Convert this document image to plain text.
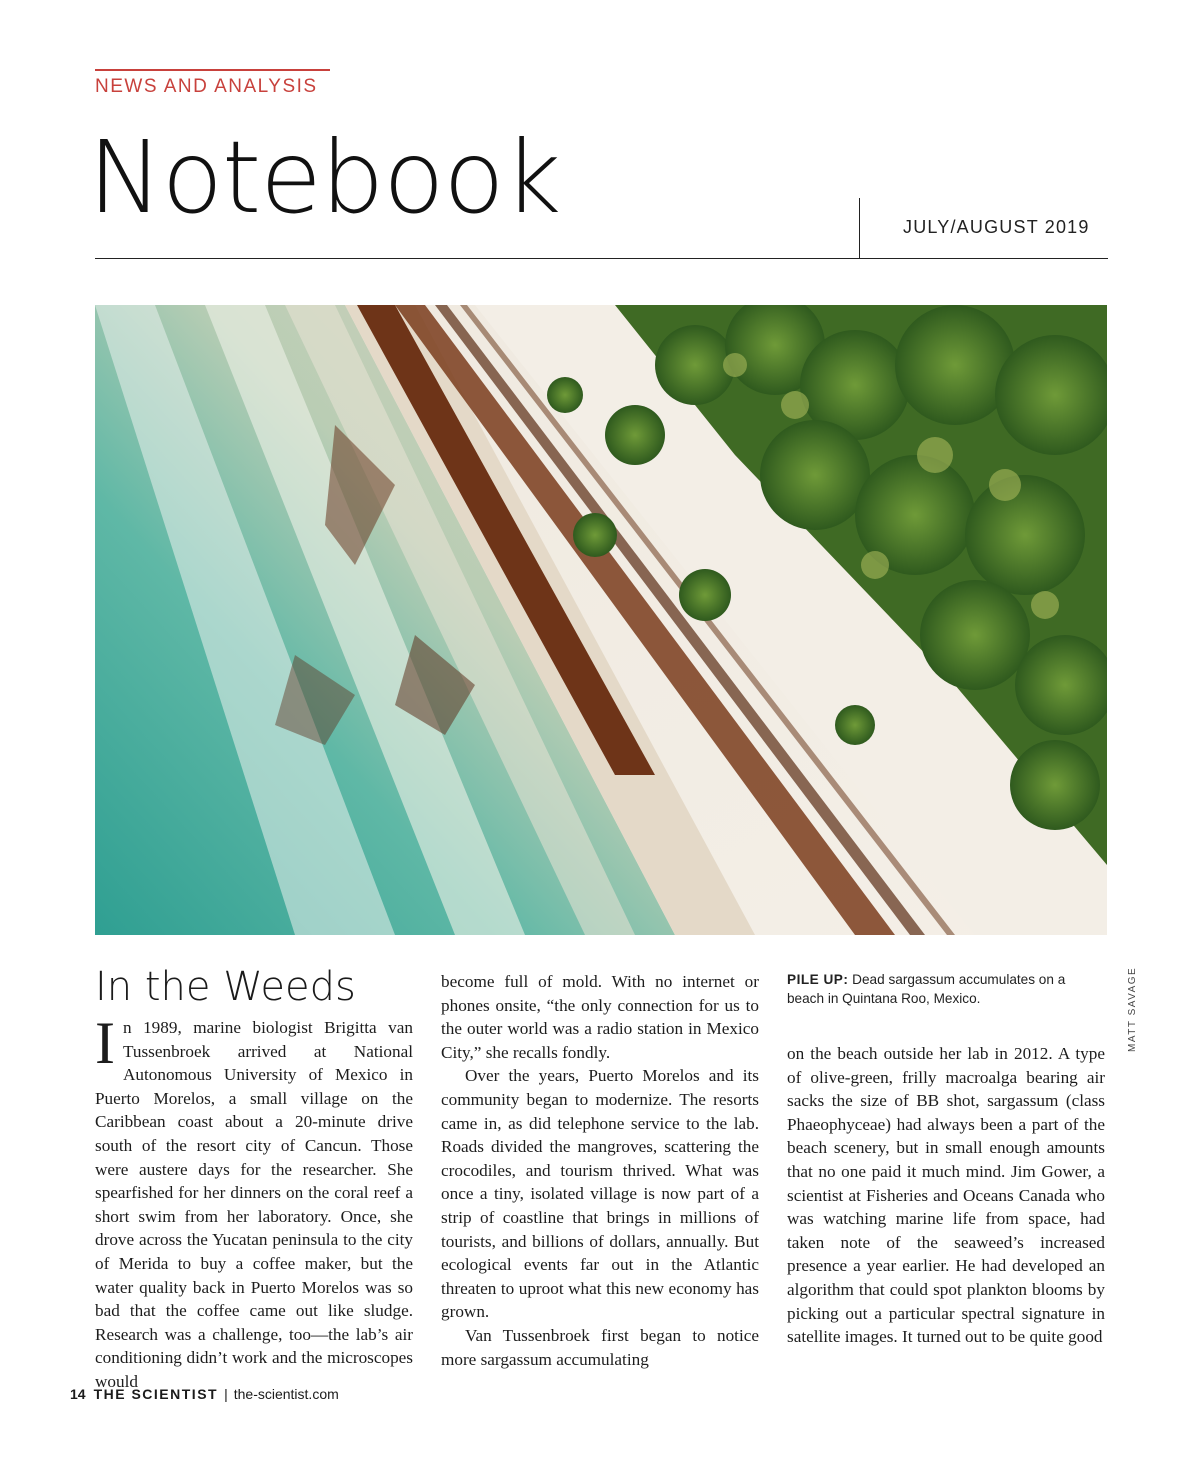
NEWS AND ANALYSIS
Notebook	JULY/AUGUST 2019
In the Weeds

In 1989, marine biologist Brigitta van Tussenbroek arrived at National Autonomous University of Mexico in Puerto Morelos, a small village on the Caribbean coast about a 20-minute drive south of the resort city of Cancun. Those were austere days for the researcher. She spearfished for her dinners on the coral reef a short swim from her laboratory. Once, she drove across the Yucatan peninsula to the city of Merida to buy a coffee maker, but the water quality back in Puerto Morelos was so bad that the coffee came out like sludge. Research was a challenge, too—the lab’s air conditioning didn’t work and the microscopes would

become full of mold. With no internet or phones onsite, “the only connection for us to the outer world was a radio station in Mexico City,” she recalls fondly.

Over the years, Puerto Morelos and its community began to modernize. The resorts came in, as did telephone service to the lab. Roads divided the mangroves, scattering the crocodiles, and tourism thrived. What was once a tiny, isolated village is now part of a strip of coastline that brings in millions of tourists, and billions of dollars, annually. But ecological events far out in the Atlantic threaten to uproot what this new economy has grown.

Van Tussenbroek first began to notice more sargassum accumulating

PILE UP: Dead sargassum accumulates on a beach in Quintana Roo, Mexico.

on the beach outside her lab in 2012. A type of olive-green, frilly macroalga bearing air sacks the size of BB shot, sargassum (class Phaeophyceae) had always been a part of the beach scenery, but in small enough amounts that no one paid it much mind. Jim Gower, a scientist at Fisheries and Oceans Canada who was watching marine life from space, had taken note of the seaweed’s increased presence a year earlier. He had developed an algorithm that could spot plankton blooms by picking out a particular spectral signature in satellite images. It turned out to be quite good

MATT SAVAGE
14 THE SCIENTIST | the-scientist.com
